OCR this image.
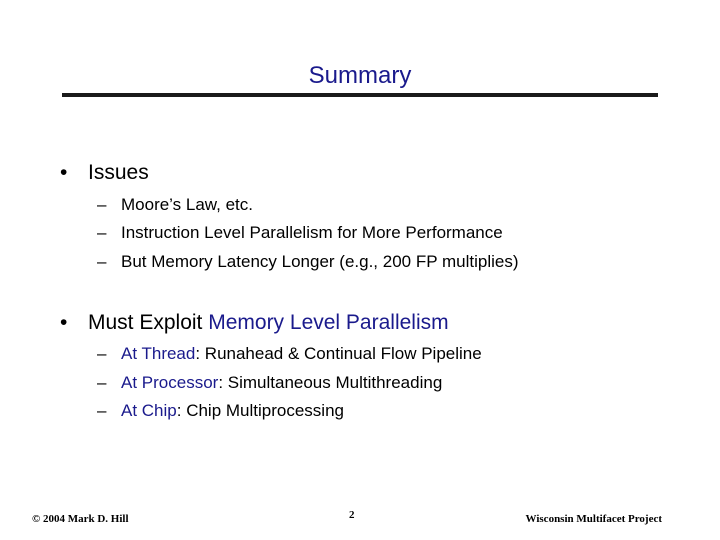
Summary
• Issues
– Moore’s Law, etc.
– Instruction Level Parallelism for More Performance
– But Memory Latency Longer (e.g., 200 FP multiplies)
• Must Exploit Memory Level Parallelism
– At Thread: Runahead & Continual Flow Pipeline
– At Processor: Simultaneous Multithreading
– At Chip: Chip Multiprocessing
© 2004 Mark D. Hill	2	Wisconsin Multifacet Project
